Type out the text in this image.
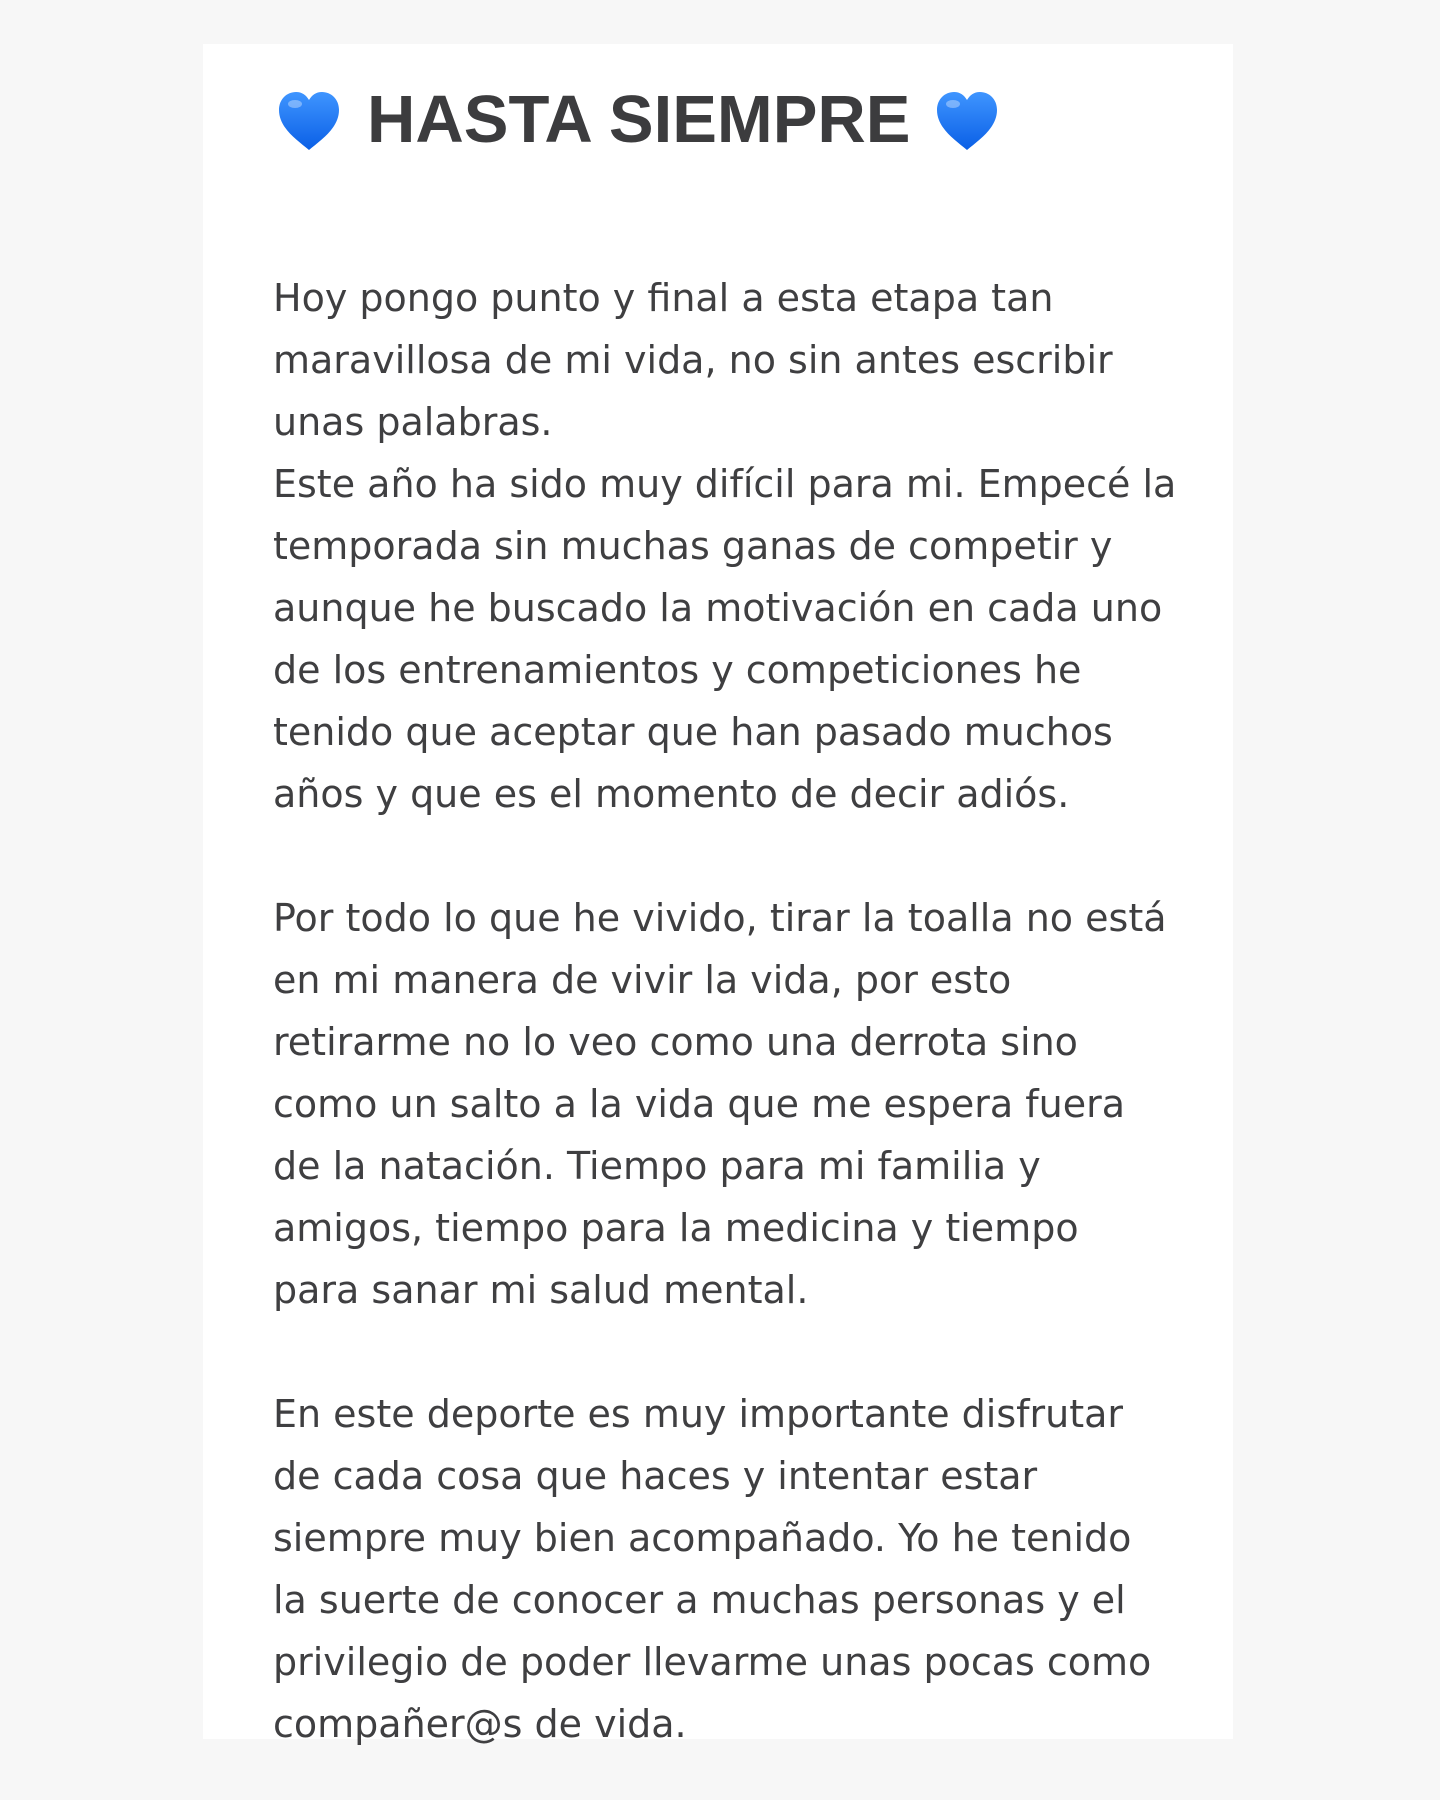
HASTA SIEMPRE

Hoy pongo punto y final a esta etapa tan
maravillosa de mi vida, no sin antes escribir
unas palabras.
Este año ha sido muy difícil para mi. Empecé la
temporada sin muchas ganas de competir y
aunque he buscado la motivación en cada uno
de los entrenamientos y competiciones he
tenido que aceptar que han pasado muchos
años y que es el momento de decir adiós.

Por todo lo que he vivido, tirar la toalla no está
en mi manera de vivir la vida, por esto
retirarme no lo veo como una derrota sino
como un salto a la vida que me espera fuera
de la natación. Tiempo para mi familia y
amigos, tiempo para la medicina y tiempo
para sanar mi salud mental.

En este deporte es muy importante disfrutar
de cada cosa que haces y intentar estar
siempre muy bien acompañado. Yo he tenido
la suerte de conocer a muchas personas y el
privilegio de poder llevarme unas pocas como
compañer@s de vida.
